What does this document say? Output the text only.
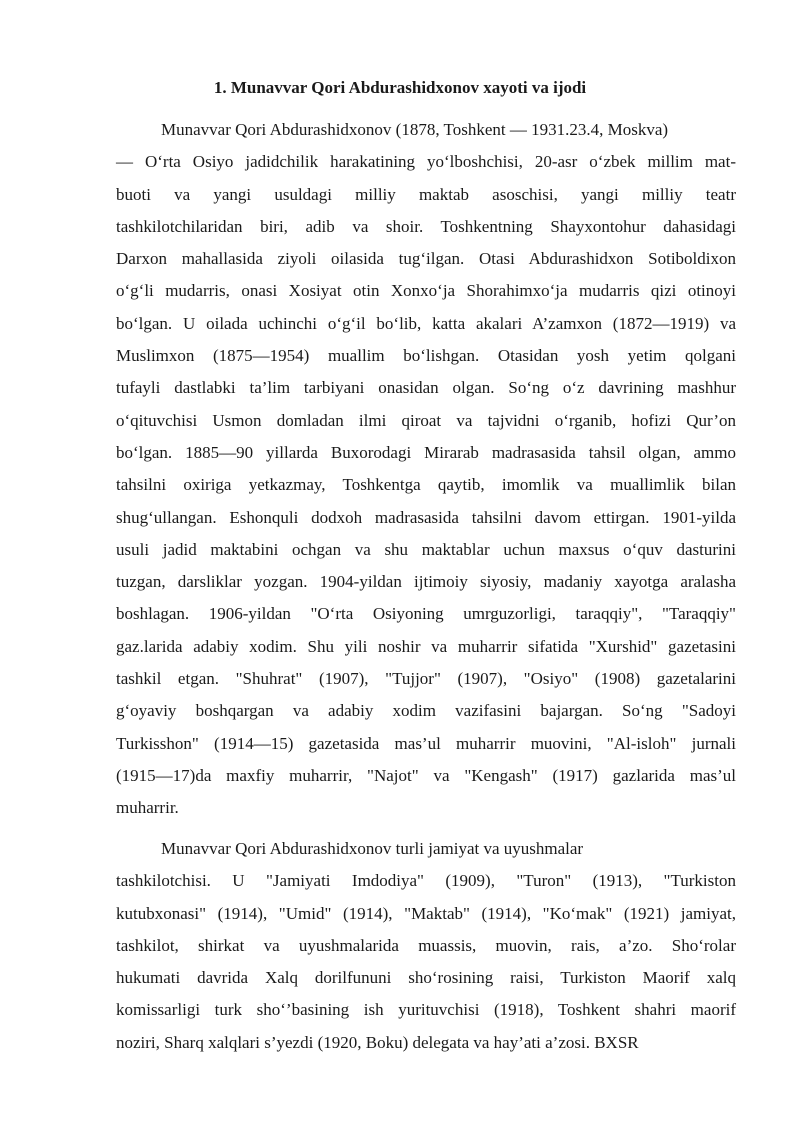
1. Munavvar Qori Abdurashidxonov xayoti va ijodi
Munavvar Qori Abdurashidxonov (1878, Toshkent — 1931.23.4, Moskva)
— Oʻrta Osiyo jadidchilik harakatining yoʻlboshchisi, 20-asr oʻzbek millim mat-
buoti va yangi usuldagi milliy maktab asoschisi, yangi milliy teatr
tashkilotchilaridan biri, adib va shoir. Toshkentning Shayxontohur dahasidagi
Darxon mahallasida ziyoli oilasida tugʻilgan. Otasi Abdurashidxon Sotiboldixon
oʻgʻli mudarris, onasi Xosiyat otin Xonxoʻja Shorahimxoʻja mudarris qizi otinoyi
boʻlgan. U oilada uchinchi oʻgʻil boʻlib, katta akalari A’zamxon (1872—1919) va
Muslimxon (1875—1954) muallim boʻlishgan. Otasidan yosh yetim qolgani
tufayli dastlabki ta’lim tarbiyani onasidan olgan. Soʻng oʻz davrining mashhur
oʻqituvchisi Usmon domladan ilmi qiroat va tajvidni oʻrganib, hofizi Qur’on
boʻlgan. 1885—90 yillarda Buxorodagi Mirarab madrasasida tahsil olgan, ammo
tahsilni oxiriga yetkazmay, Toshkentga qaytib, imomlik va muallimlik bilan
shugʻullangan. Eshonquli dodxoh madrasasida tahsilni davom ettirgan. 1901-yilda
usuli jadid maktabini ochgan va shu maktablar uchun maxsus oʻquv dasturini
tuzgan, darsliklar yozgan. 1904-yildan ijtimoiy siyosiy, madaniy xayotga aralasha
boshlagan. 1906-yildan "Oʻrta Osiyoning umrguzorligi, taraqqiy", "Taraqqiy"
gaz.larida adabiy xodim. Shu yili noshir va muharrir sifatida "Xurshid" gazetasini
tashkil etgan. "Shuhrat" (1907), "Tujjor" (1907), "Osiyo" (1908) gazetalarini
gʻoyaviy boshqargan va adabiy xodim vazifasini bajargan. Soʻng "Sadoyi
Turkisshon" (1914—15) gazetasida mas’ul muharrir muovini, "Al-isloh" jurnali
(1915—17)da maxfiy muharrir, "Najot" va "Kengash" (1917) gazlarida mas’ul
muharrir.
Munavvar Qori Abdurashidxonov turli jamiyat va uyushmalar
tashkilotchisi. U "Jamiyati Imdodiya" (1909), "Turon" (1913), "Turkiston
kutubxonasi" (1914), "Umid" (1914), "Maktab" (1914), "Koʻmak" (1921) jamiyat,
tashkilot, shirkat va uyushmalarida muassis, muovin, rais, a’zo. Shoʻrolar
hukumati davrida Xalq dorilfununi shoʻrosining raisi, Turkiston Maorif xalq
komissarligi turk shoʻ’basining ish yurituvchisi (1918), Toshkent shahri maorif
noziri, Sharq xalqlari s’yezdi (1920, Boku) delegata va hay’ati a’zosi. BXSR
